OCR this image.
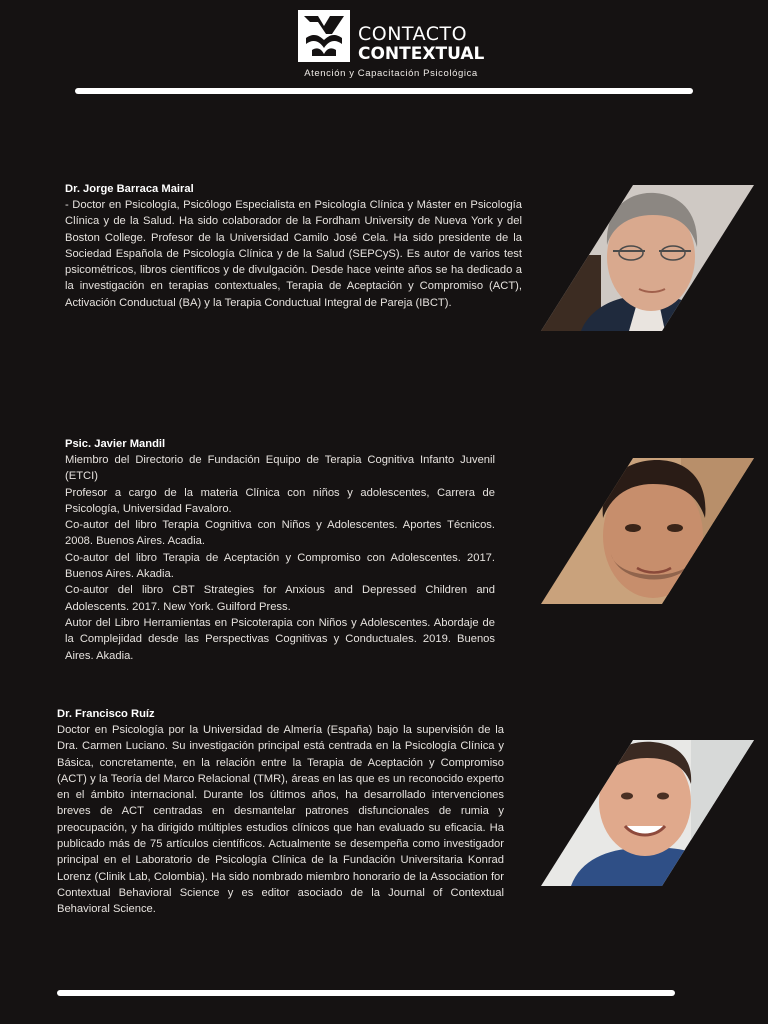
CONTACTO
CONTEXTUAL
Atención y Capacitación Psicológica
Dr. Jorge Barraca Mairal
- Doctor en Psicología, Psicólogo Especialista en Psicología Clínica y Máster en Psicología Clínica y de la Salud. Ha sido colaborador de la Fordham University de Nueva York y del Boston College. Profesor de la Universidad Camilo José Cela. Ha sido presidente de la Sociedad Española de Psicología Clínica y de la Salud (SEPCyS). Es autor de varios test psicométricos, libros científicos y de divulgación. Desde hace veinte años se ha dedicado a la investigación en terapias contextuales, Terapia de Aceptación y Compromiso (ACT), Activación Conductual (BA) y la Terapia Conductual Integral de Pareja (IBCT).
Psic. Javier Mandil
Miembro del Directorio de Fundación Equipo de Terapia Cognitiva Infanto Juvenil (ETCI)
Profesor a cargo de la materia Clínica con niños y adolescentes, Carrera de Psicología, Universidad Favaloro.
Co-autor del libro Terapia Cognitiva con Niños y Adolescentes. Aportes Técnicos. 2008. Buenos Aires. Acadia.
Co-autor del libro Terapia de Aceptación y Compromiso con Adolescentes. 2017. Buenos Aires. Akadia.
Co-autor del libro CBT Strategies for Anxious and Depressed Children and Adolescents. 2017. New York. Guilford Press.
Autor del Libro Herramientas en Psicoterapia con Niños y Adolescentes. Abordaje de la Complejidad desde las Perspectivas Cognitivas y Conductuales. 2019. Buenos Aires. Akadia.
Dr. Francisco Ruíz
Doctor en Psicología por la Universidad de Almería (España) bajo la supervisión de la Dra. Carmen Luciano. Su investigación principal está centrada en la Psicología Clínica y Básica, concretamente, en la relación entre la Terapia de Aceptación y Compromiso (ACT) y la Teoría del Marco Relacional (TMR), áreas en las que es un reconocido experto en el ámbito internacional. Durante los últimos años, ha desarrollado intervenciones breves de ACT centradas en desmantelar patrones disfuncionales de rumia y preocupación, y ha dirigido múltiples estudios clínicos que han evaluado su eficacia. Ha publicado más de 75 artículos científicos. Actualmente se desempeña como investigador principal en el Laboratorio de Psicología Clínica de la Fundación Universitaria Konrad Lorenz (Clinik Lab, Colombia). Ha sido nombrado miembro honorario de la Association for Contextual Behavioral Science y es editor asociado de la Journal of Contextual Behavioral Science.
